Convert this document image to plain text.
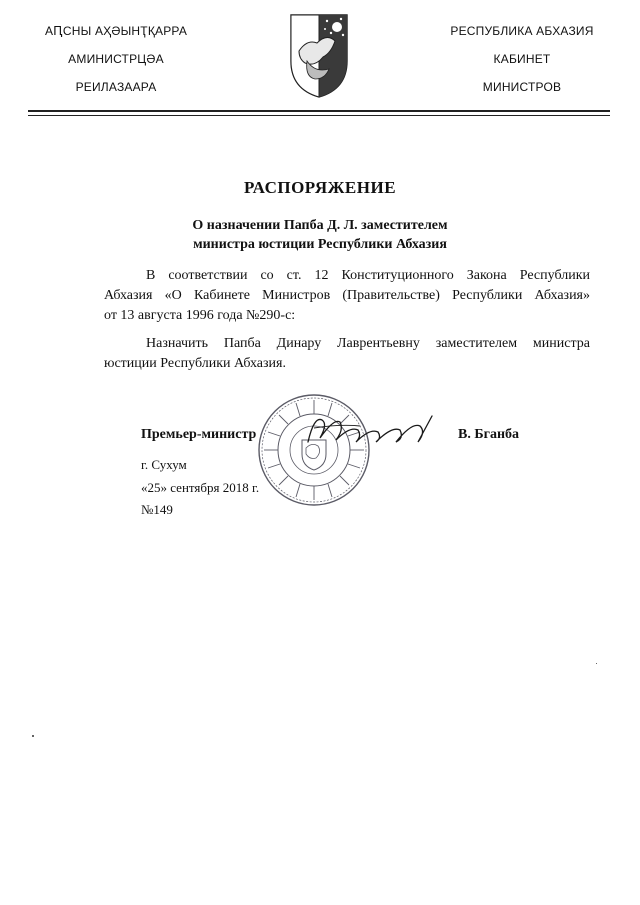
АԤСНЫ АҲӘЫНҬҚАРРА
АМИНИСТРЦӘА
РЕИЛАЗААРА
РЕСПУБЛИКА АБХАЗИЯ
КАБИНЕТ
МИНИСТРОВ
РАСПОРЯЖЕНИЕ
О назначении Папба Д. Л. заместителем
министра юстиции Республики Абхазия
В соответствии со ст. 12 Конституционного Закона Республики
Абхазия «О Кабинете Министров (Правительстве) Республики Абхазия»
от 13 августа 1996 года №290-с:
Назначить Папба Динару Лаврентьевну заместителем министра
юстиции Республики Абхазия.
Премьер-министр	В. Бганба
г. Сухум
«25» сентября 2018 г.
№149
